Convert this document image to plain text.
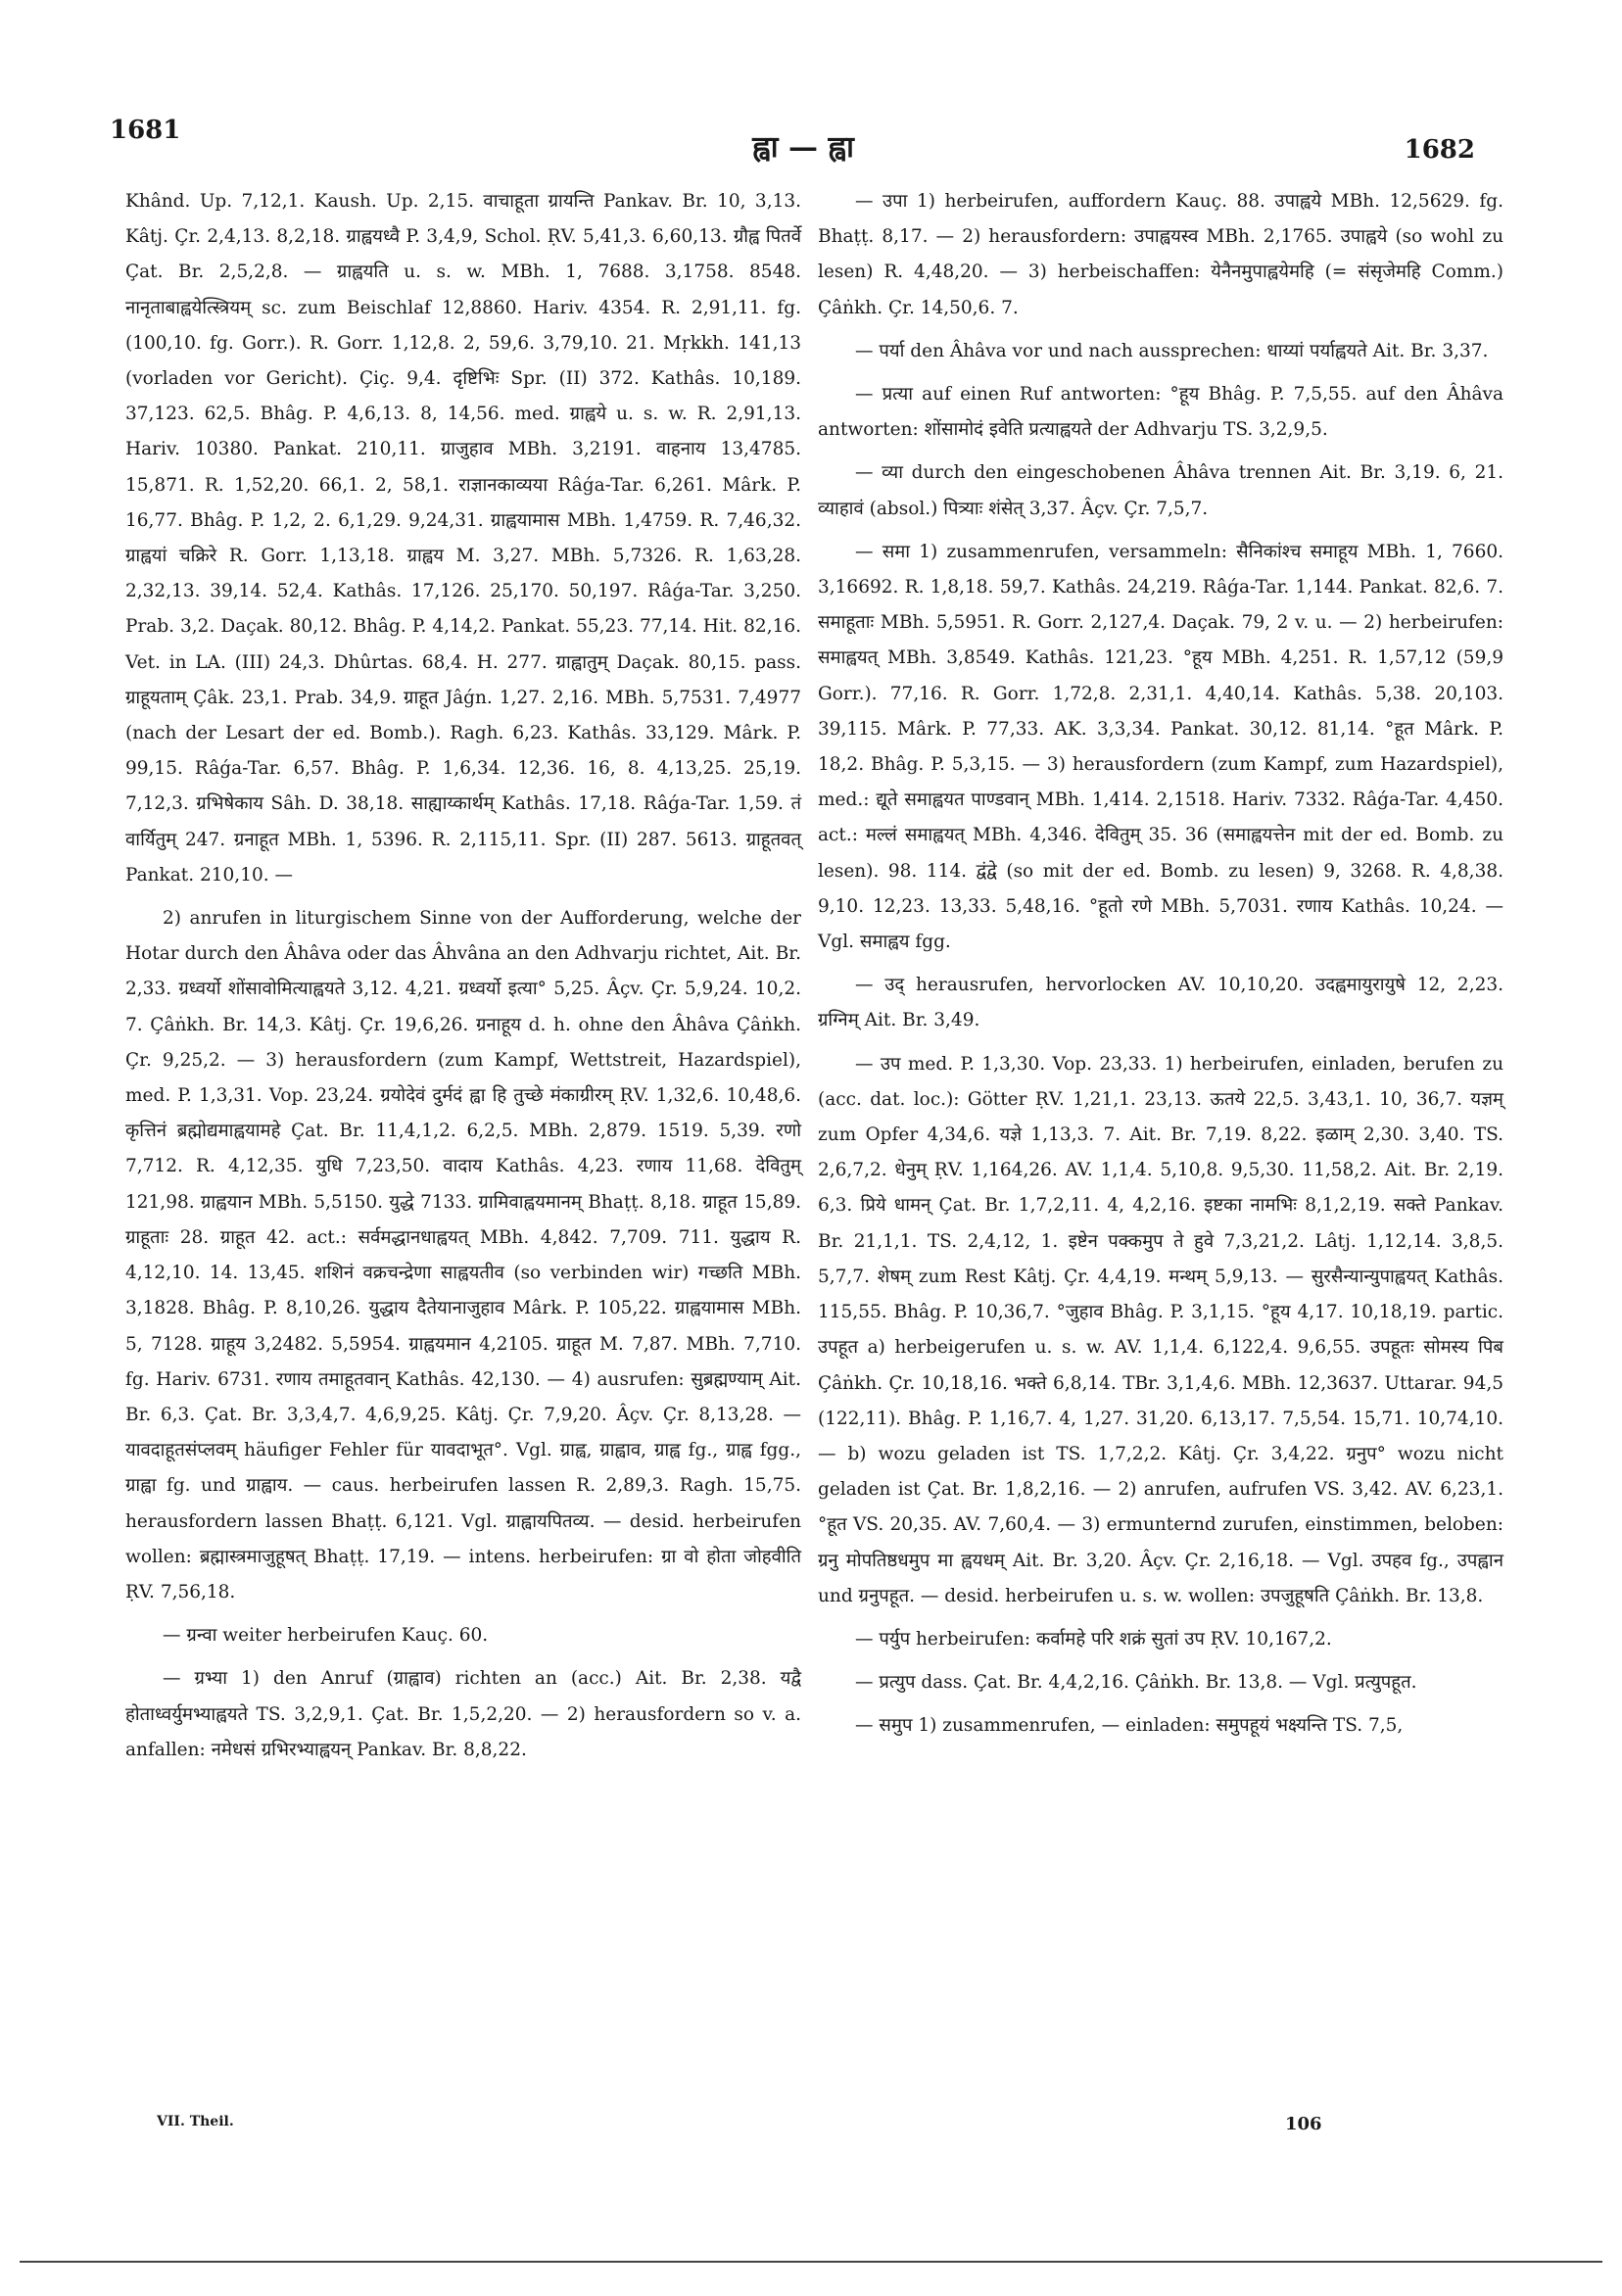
1681	ह्वा — ह्वा	1682

Khând. Up. 7,12,1. Kaush. Up. 2,15. वाचाहूता ग्रायन्ति Pankav. Br. 10, 3,13. Kâtj. Çr. 2,4,13. 8,2,18. ग्राह्वयध्वै P. 3,4,9, Schol. ṚV. 5,41,3. 6,60,13. ग्रौह्व पितर्वे Çat. Br. 2,5,2,8. — ग्राह्वयति u. s. w. MBh. 1, 7688. 3,1758. 8548. नानृताबाह्वयेत्स्त्रियम् sc. zum Beischlaf 12,8860. Hariv. 4354. R. 2,91,11. fg. (100,10. fg. Gorr.). R. Gorr. 1,12,8. 2, 59,6. 3,79,10. 21. Mṛkkh. 141,13 (vorladen vor Gericht). Çiç. 9,4. दृष्टिभिः Spr. (II) 372. Kathâs. 10,189. 37,123. 62,5. Bhâg. P. 4,6,13. 8, 14,56. med. ग्राह्वये u. s. w. R. 2,91,13. Hariv. 10380. Pankat. 210,11. ग्राजुहाव MBh. 3,2191. वाहनाय 13,4785. 15,871. R. 1,52,20. 66,1. 2, 58,1. राज्ञानकाव्यया Râǵa-Tar. 6,261. Mârk. P. 16,77. Bhâg. P. 1,2, 2. 6,1,29. 9,24,31. ग्राह्वयामास MBh. 1,4759. R. 7,46,32. ग्राह्वयां चक्रिरे R. Gorr. 1,13,18. ग्राह्वय M. 3,27. MBh. 5,7326. R. 1,63,28. 2,32,13. 39,14. 52,4. Kathâs. 17,126. 25,170. 50,197. Râǵa-Tar. 3,250. Prab. 3,2. Daçak. 80,12. Bhâg. P. 4,14,2. Pankat. 55,23. 77,14. Hit. 82,16. Vet. in LA. (III) 24,3. Dhûrtas. 68,4. H. 277. ग्राह्वातुम् Daçak. 80,15. pass. ग्राहूयताम् Çâk. 23,1. Prab. 34,9. ग्राहूत Jâǵn. 1,27. 2,16. MBh. 5,7531. 7,4977 (nach der Lesart der ed. Bomb.). Ragh. 6,23. Kathâs. 33,129. Mârk. P. 99,15. Râǵa-Tar. 6,57. Bhâg. P. 1,6,34. 12,36. 16, 8. 4,13,25. 25,19. 7,12,3. ग्रभिषेकाय Sâh. D. 38,18. साह्याय्कार्थम् Kathâs. 17,18. Râǵa-Tar. 1,59. तं वार्यितुम् 247. ग्रनाहूत MBh. 1, 5396. R. 2,115,11. Spr. (II) 287. 5613. ग्राहूतवत् Pankat. 210,10. —

2) anrufen in liturgischem Sinne von der Aufforderung, welche der Hotar durch den Âhâva oder das Âhvâna an den Adhvarju richtet, Ait. Br. 2,33. ग्रध्वर्यो शोंसावोमित्याह्वयते 3,12. 4,21. ग्रध्वर्यो इत्या° 5,25. Âçv. Çr. 5,9,24. 10,2. 7. Çâṅkh. Br. 14,3. Kâtj. Çr. 19,6,26. ग्रनाहूय d. h. ohne den Âhâva Çâṅkh. Çr. 9,25,2. — 3) herausfordern (zum Kampf, Wettstreit, Hazardspiel), med. P. 1,3,31. Vop. 23,24. ग्रयोदेवं दुर्मदं ह्वा हि तुच्छे मंकाग्रीरम् ṚV. 1,32,6. 10,48,6. कृत्तिनं ब्रह्मोद्यमाह्वयामहे Çat. Br. 11,4,1,2. 6,2,5. MBh. 2,879. 1519. 5,39. रणो 7,712. R. 4,12,35. युधि 7,23,50. वादाय Kathâs. 4,23. रणाय 11,68. देवितुम् 121,98. ग्राह्वयान MBh. 5,5150. युद्धे 7133. ग्रामिवाह्वयमानम् Bhaṭṭ. 8,18. ग्राहूत 15,89. ग्राहूताः 28. ग्राहूत 42. act.: सर्वमद्धानधाह्वयत् MBh. 4,842. 7,709. 711. युद्धाय R. 4,12,10. 14. 13,45. शशिनं वक्रचन्द्रेणा साह्वयतीव (so verbinden wir) गच्छति MBh. 3,1828. Bhâg. P. 8,10,26. युद्धाय दैतेयानाजुहाव Mârk. P. 105,22. ग्राह्वयामास MBh. 5, 7128. ग्राहूय 3,2482. 5,5954. ग्राह्वयमान 4,2105. ग्राहूत M. 7,87. MBh. 7,710. fg. Hariv. 6731. रणाय तमाहूतवान् Kathâs. 42,130. — 4) ausrufen: सुब्रह्मण्याम् Ait. Br. 6,3. Çat. Br. 3,3,4,7. 4,6,9,25. Kâtj. Çr. 7,9,20. Âçv. Çr. 8,13,28. — यावदाहूतसंप्लवम् häufiger Fehler für यावदाभूत°. Vgl. ग्राह्व, ग्राह्वाव, ग्राह्व fg., ग्राह्व fgg., ग्राह्वा fg. und ग्राह्वाय. — caus. herbeirufen lassen R. 2,89,3. Ragh. 15,75. herausfordern lassen Bhaṭṭ. 6,121. Vgl. ग्राह्वायपितव्य. — desid. herbeirufen wollen: ब्रह्मास्त्रमाजुहूषत् Bhaṭṭ. 17,19. — intens. herbeirufen: ग्रा वो होता जोहवीति ṚV. 7,56,18.

— ग्रन्वा weiter herbeirufen Kauç. 60.

— ग्रभ्या 1) den Anruf (ग्राह्वाव) richten an (acc.) Ait. Br. 2,38. यद्वै होताध्वर्युमभ्याह्वयते TS. 3,2,9,1. Çat. Br. 1,5,2,20. — 2) herausfordern so v. a. anfallen: नमेधसं ग्रभिरभ्याह्वयन् Pankav. Br. 8,8,22.

— उपा 1) herbeirufen, auffordern Kauç. 88. उपाह्वये MBh. 12,5629. fg. Bhaṭṭ. 8,17. — 2) herausfordern: उपाह्वयस्व MBh. 2,1765. उपाह्वये (so wohl zu lesen) R. 4,48,20. — 3) herbeischaffen: येनैनमुपाह्वयेमहि (= संसृजेमहि Comm.) Çâṅkh. Çr. 14,50,6. 7.

— पर्या den Âhâva vor und nach aussprechen: धाय्यां पर्याह्वयते Ait. Br. 3,37.

— प्रत्या auf einen Ruf antworten: °हूय Bhâg. P. 7,5,55. auf den Âhâva antworten: शोंसामोदं इवेति प्रत्याह्वयते der Adhvarju TS. 3,2,9,5.

— व्या durch den eingeschobenen Âhâva trennen Ait. Br. 3,19. 6, 21. व्याहावं (absol.) पित्र्याः शंसेत् 3,37. Âçv. Çr. 7,5,7.

— समा 1) zusammenrufen, versammeln: सैनिकांश्च समाहूय MBh. 1, 7660. 3,16692. R. 1,8,18. 59,7. Kathâs. 24,219. Râǵa-Tar. 1,144. Pankat. 82,6. 7. समाहूताः MBh. 5,5951. R. Gorr. 2,127,4. Daçak. 79, 2 v. u. — 2) herbeirufen: समाह्वयत् MBh. 3,8549. Kathâs. 121,23. °हूय MBh. 4,251. R. 1,57,12 (59,9 Gorr.). 77,16. R. Gorr. 1,72,8. 2,31,1. 4,40,14. Kathâs. 5,38. 20,103. 39,115. Mârk. P. 77,33. AK. 3,3,34. Pankat. 30,12. 81,14. °हूत Mârk. P. 18,2. Bhâg. P. 5,3,15. — 3) herausfordern (zum Kampf, zum Hazardspiel), med.: द्यूते समाह्वयत पाण्डवान् MBh. 1,414. 2,1518. Hariv. 7332. Râǵa-Tar. 4,450. act.: मल्लं समाह्वयत् MBh. 4,346. देवितुम् 35. 36 (समाह्वयत्तेन mit der ed. Bomb. zu lesen). 98. 114. द्वंद्वे (so mit der ed. Bomb. zu lesen) 9, 3268. R. 4,8,38. 9,10. 12,23. 13,33. 5,48,16. °हूतो रणे MBh. 5,7031. रणाय Kathâs. 10,24. — Vgl. समाह्वय fgg.

— उद् herausrufen, hervorlocken AV. 10,10,20. उदह्वमायुरायुषे 12, 2,23. ग्रग्निम् Ait. Br. 3,49.

— उप med. P. 1,3,30. Vop. 23,33. 1) herbeirufen, einladen, berufen zu (acc. dat. loc.): Götter ṚV. 1,21,1. 23,13. ऊतये 22,5. 3,43,1. 10, 36,7. यज्ञम् zum Opfer 4,34,6. यज्ञे 1,13,3. 7. Ait. Br. 7,19. 8,22. इळाम् 2,30. 3,40. TS. 2,6,7,2. धेनुम् ṚV. 1,164,26. AV. 1,1,4. 5,10,8. 9,5,30. 11,58,2. Ait. Br. 2,19. 6,3. प्रिये धामन् Çat. Br. 1,7,2,11. 4, 4,2,16. इष्टका नामभिः 8,1,2,19. सक्ते Pankav. Br. 21,1,1. TS. 2,4,12, 1. इष्टेन पक्कमुप ते हुवे 7,3,21,2. Lâtj. 1,12,14. 3,8,5. 5,7,7. शेषम् zum Rest Kâtj. Çr. 4,4,19. मन्थम् 5,9,13. — सुरसैन्यान्युपाह्वयत् Kathâs. 115,55. Bhâg. P. 10,36,7. °जुहाव Bhâg. P. 3,1,15. °हूय 4,17. 10,18,19. partic. उपहूत a) herbeigerufen u. s. w. AV. 1,1,4. 6,122,4. 9,6,55. उपहूतः सोमस्य पिब Çâṅkh. Çr. 10,18,16. भक्ते 6,8,14. TBr. 3,1,4,6. MBh. 12,3637. Uttarar. 94,5 (122,11). Bhâg. P. 1,16,7. 4, 1,27. 31,20. 6,13,17. 7,5,54. 15,71. 10,74,10. — b) wozu geladen ist TS. 1,7,2,2. Kâtj. Çr. 3,4,22. ग्रनुप° wozu nicht geladen ist Çat. Br. 1,8,2,16. — 2) anrufen, aufrufen VS. 3,42. AV. 6,23,1. °हूत VS. 20,35. AV. 7,60,4. — 3) ermunternd zurufen, einstimmen, beloben: ग्रनु मोपतिष्ठधमुप मा ह्वयधम् Ait. Br. 3,20. Âçv. Çr. 2,16,18. — Vgl. उपहव fg., उपह्वान und ग्रनुपहूत. — desid. herbeirufen u. s. w. wollen: उपजुहूषति Çâṅkh. Br. 13,8.

— पर्युप herbeirufen: कर्वामहे परि शक्रं सुतां उप ṚV. 10,167,2.

— प्रत्युप dass. Çat. Br. 4,4,2,16. Çâṅkh. Br. 13,8. — Vgl. प्रत्युपहूत.

— समुप 1) zusammenrufen, — einladen: समुपहूयं भक्ष्यन्ति TS. 7,5,

VII. Theil.	106
